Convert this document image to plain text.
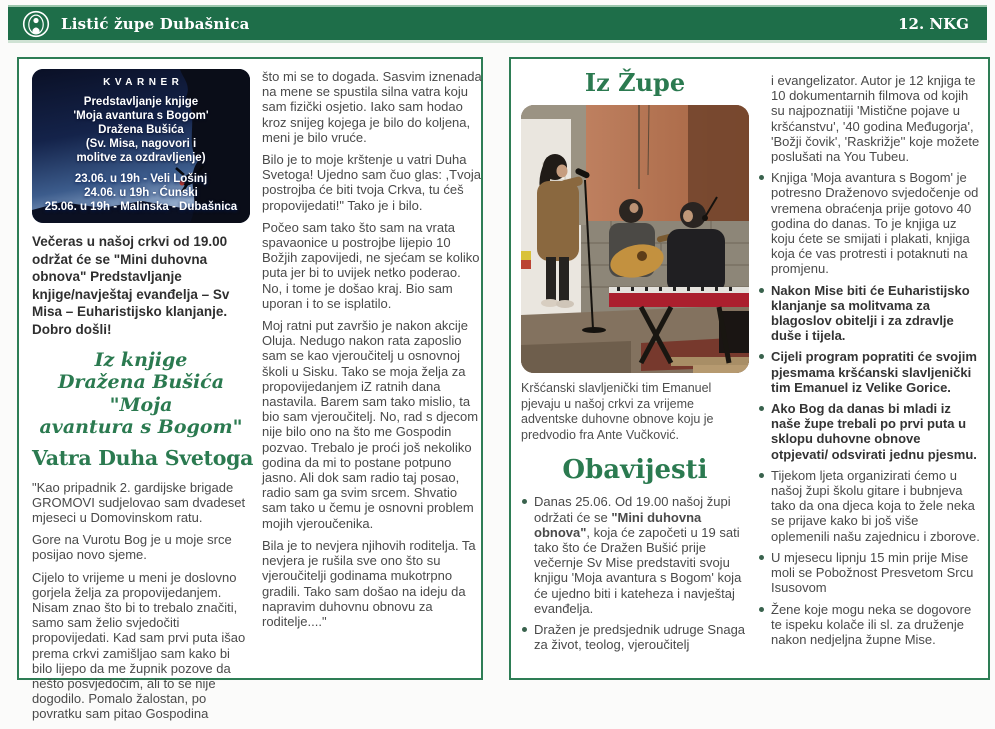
Listić župe Dubašnica	12. NKG
KVARNER
Predstavljanje knjige
'Moja avantura s Bogom'
Dražena Bušića
(Sv. Misa, nagovori i
molitve za ozdravljenje)
23.06. u 19h - Veli Lošinj
24.06. u 19h - Ćunski
25.06. u 19h - Malinska - Dubašnica
Večeras u našoj crkvi od 19.00 održat će se "Mini duhovna obnova" Predstavljanje knjige/navještaj evanđelja – Sv Misa – Euharistijsko klanjanje. Dobro došli!
Iz knjige
Dražena Bušića "Moja
avantura s Bogom"
Vatra Duha Svetoga

"Kao pripadnik 2. gardijske brigade GROMOVI sudjelovao sam dvadeset mjeseci u Domovinskom ratu.

Gore na Vurotu Bog je u moje srce posijao novo sjeme.

Cijelo to vrijeme u meni je doslovno gorjela želja za propovijedanjem. Nisam znao što bi to trebalo značiti, samo sam želio svjedočiti propovijedati. Kad sam prvi puta išao prema crkvi zamišljao sam kako bi bilo lijepo da me župnik pozove da nešto posvjedočim, ali to se nije dogodilo. Pomalo žalostan, po povratku sam pitao Gospodina

što mi se to dogada. Sasvim iznenada na mene se spustila silna vatra koju sam fizički osjetio. Iako sam hodao kroz snijeg kojega je bilo do koljena, meni je bilo vruće.

Bilo je to moje krštenje u vatri Duha Svetoga! Ujedno sam čuo glas: ,Tvoja postrojba će biti tvoja Crkva, tu ćeš propovijedati!" Tako je i bilo.

Počeo sam tako što sam na vrata spavaonice u postrojbe lijepio 10 Božjih zapovijedi, ne sjećam se koliko puta jer bi to uvijek netko poderao. No, i tome je došao kraj. Bio sam uporan i to se isplatilo.

Moj ratni put završio je nakon akcije Oluja. Nedugo nakon rata zaposlio sam se kao vjeroučitelj u osnovnoj školi u Sisku. Tako se moja želja za propovijedanjem iZ ratnih dana nastavila. Barem sam tako mislio, ta bio sam vjeroučitelj. No, rad s djecom nije bilo ono na što me Gospodin pozvao. Trebalo je proći još nekoliko godina da mi to postane potpuno jasno. Ali dok sam radio taj posao, radio sam ga svim srcem. Shvatio sam tako u čemu je osnovni problem mojih vjeroučenika.

Bila je to nevjera njihovih roditelja. Ta nevjera je rušila sve ono što su vjeroučitelji godinama mukotrpno gradili. Tako sam došao na ideju da napravim duhovnu obnovu za roditelje...."

Iz Župe
Kršćanski slavljenički tim Emanuel pjevaju u našoj crkvi za vrijeme adventske duhovne obnove koju je predvodio fra Ante Vučković.
Obavijesti
Danas 25.06. Od 19.00 našoj župi održati će se "Mini duhovna obnova", koja će započeti u 19 sati tako što će Dražen Bušić prije večernje Sv Mise predstaviti svoju knjigu 'Moja avantura s Bogom' koja će ujedno biti i kateheza i navještaj evanđelja.
Dražen je predsjednik udruge Snaga za život, teolog, vjeroučitelj

i evangelizator. Autor je 12 knjiga te 10 dokumentarnih filmova od kojih su najpoznatiji 'Mistične pojave u kršćanstvu', '40 godina Međugorja', 'Božji čovik', 'Raskrižje'' koje možete poslušati na You Tubeu.

Knjiga 'Moja avantura s Bogom' je potresno Draženovo svjedočenje od vremena obraćenja prije gotovo 40 godina do danas. To je knjiga uz koju ćete se smijati i plakati, knjiga koja će vas protresti i potaknuti na promjenu.
Nakon Mise biti će Euharistijsko klanjanje sa molitvama za blagoslov obitelji i za zdravlje duše i tijela.
Cijeli program popratiti će svojim pjesmama kršćanski slavljenički tim Emanuel iz Velike Gorice.
Ako Bog da danas bi mladi iz naše župe trebali po prvi puta u sklopu duhovne obnove otpjevati/ odsvirati jednu pjesmu.
Tijekom ljeta organizirati ćemo u našoj župi školu gitare i bubnjeva tako da ona djeca koja to žele neka se prijave kako bi još više oplemenili našu zajednicu i zborove.
U mjesecu lipnju 15 min prije Mise moli se Pobožnost Presvetom Srcu Isusovom
Žene koje mogu neka se dogovore te ispeku kolače ili sl. za druženje nakon nedjeljna župne Mise.
